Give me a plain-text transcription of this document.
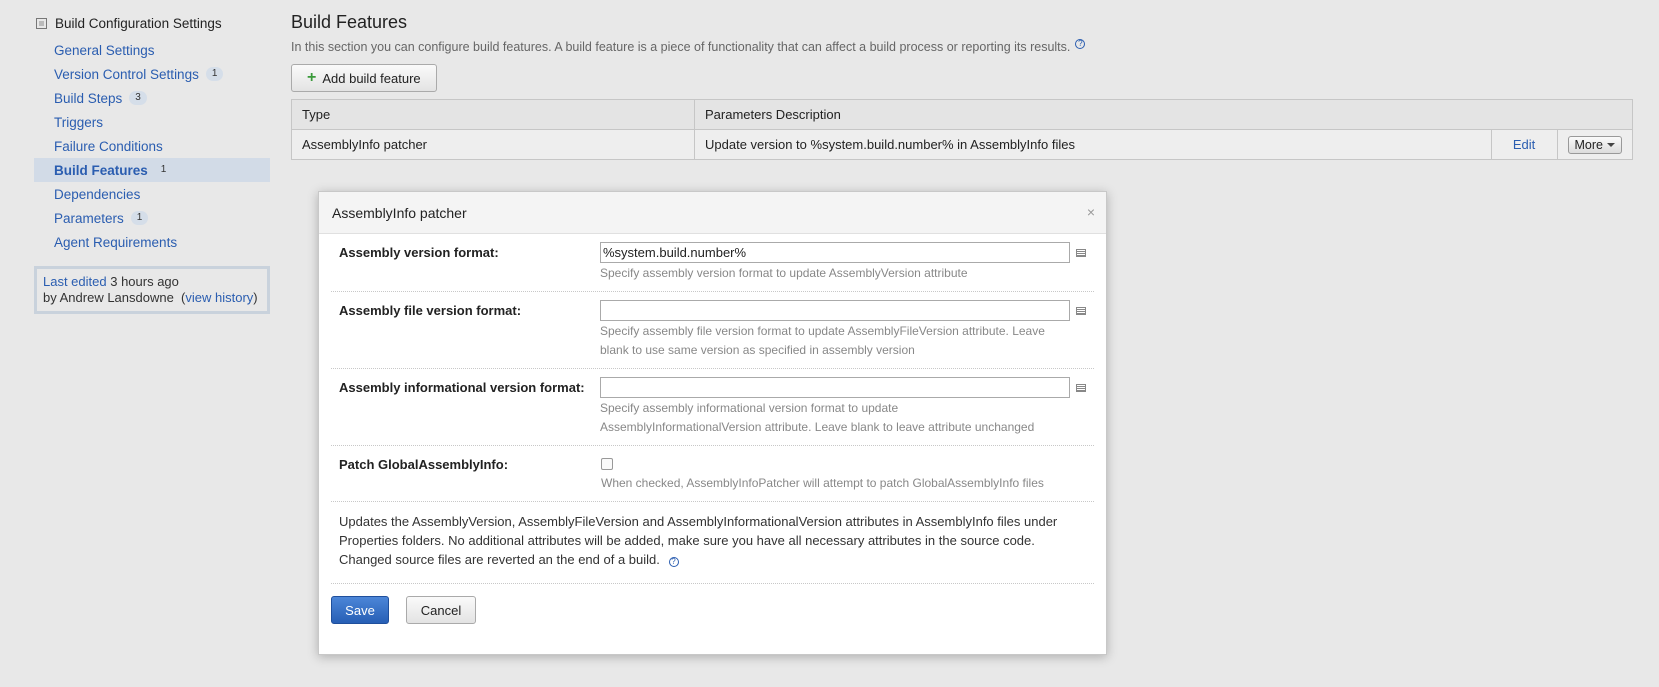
Build Configuration Settings
General Settings
Version Control Settings	1
Build Steps	3
Triggers
Failure Conditions
Build Features	1
Dependencies
Parameters	1
Agent Requirements
Last edited 3 hours ago
by Andrew Lansdowne  (view history)
Build Features
In this section you can configure build features. A build feature is a piece of functionality that can affect a build process or reporting its results. ?
+ Add build feature
Type	Parameters Description		
AssemblyInfo patcher	Update version to %system.build.number% in AssemblyInfo files	Edit	More
AssemblyInfo patcher	×
Assembly version format:
%system.build.number%
Specify assembly version format to update AssemblyVersion attribute
Assembly file version format:
Specify assembly file version format to update AssemblyFileVersion attribute. Leave blank to use same version as specified in assembly version
Assembly informational version format:
Specify assembly informational version format to update AssemblyInformationalVersion attribute. Leave blank to leave attribute unchanged
Patch GlobalAssemblyInfo:
When checked, AssemblyInfoPatcher will attempt to patch GlobalAssemblyInfo files
Updates the AssemblyVersion, AssemblyFileVersion and AssemblyInformationalVersion attributes in AssemblyInfo files under Properties folders. No additional attributes will be added, make sure you have all necessary attributes in the source code. Changed source files are reverted an the end of a build. ?
Save	Cancel
